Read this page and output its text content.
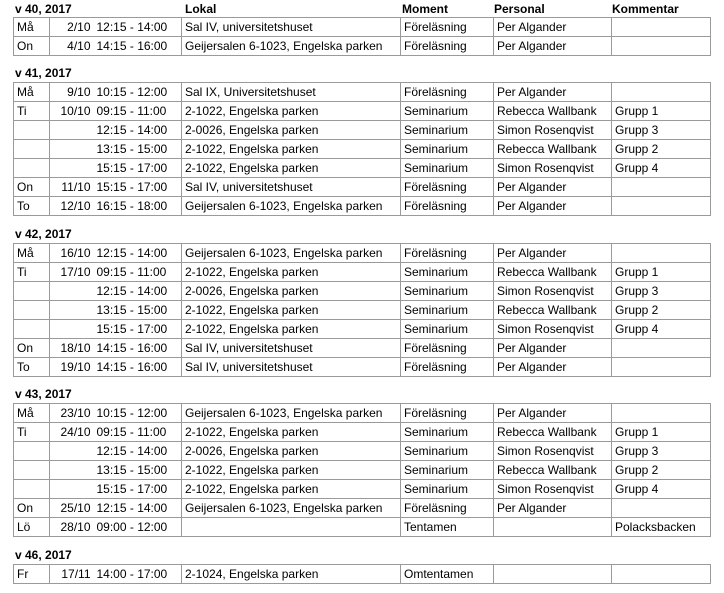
v 40, 2017	Lokal	Moment	Personal	Kommentar
Må	2/10	12:15 - 14:00	Sal IV, universitetshuset	Föreläsning	Per Algander	
On	4/10	14:15 - 16:00	Geijersalen 6-1023, Engelska parken	Föreläsning	Per Algander	
v 41, 2017
Må	9/10	10:15 - 12:00	Sal IX, Universitetshuset	Föreläsning	Per Algander	
Ti	10/10	09:15 - 11:00	2-1022, Engelska parken	Seminarium	Rebecca Wallbank	Grupp 1
		12:15 - 14:00	2-0026, Engelska parken	Seminarium	Simon Rosenqvist	Grupp 3
		13:15 - 15:00	2-1022, Engelska parken	Seminarium	Rebecca Wallbank	Grupp 2
		15:15 - 17:00	2-1022, Engelska parken	Seminarium	Simon Rosenqvist	Grupp 4
On	11/10	15:15 - 17:00	Sal IV, universitetshuset	Föreläsning	Per Algander	
To	12/10	16:15 - 18:00	Geijersalen 6-1023, Engelska parken	Föreläsning	Per Algander	
v 42, 2017
Må	16/10	12:15 - 14:00	Geijersalen 6-1023, Engelska parken	Föreläsning	Per Algander	
Ti	17/10	09:15 - 11:00	2-1022, Engelska parken	Seminarium	Rebecca Wallbank	Grupp 1
		12:15 - 14:00	2-0026, Engelska parken	Seminarium	Simon Rosenqvist	Grupp 3
		13:15 - 15:00	2-1022, Engelska parken	Seminarium	Rebecca Wallbank	Grupp 2
		15:15 - 17:00	2-1022, Engelska parken	Seminarium	Simon Rosenqvist	Grupp 4
On	18/10	14:15 - 16:00	Sal IV, universitetshuset	Föreläsning	Per Algander	
To	19/10	14:15 - 16:00	Sal IV, universitetshuset	Föreläsning	Per Algander	
v 43, 2017
Må	23/10	10:15 - 12:00	Geijersalen 6-1023, Engelska parken	Föreläsning	Per Algander	
Ti	24/10	09:15 - 11:00	2-1022, Engelska parken	Seminarium	Rebecca Wallbank	Grupp 1
		12:15 - 14:00	2-0026, Engelska parken	Seminarium	Simon Rosenqvist	Grupp 3
		13:15 - 15:00	2-1022, Engelska parken	Seminarium	Rebecca Wallbank	Grupp 2
		15:15 - 17:00	2-1022, Engelska parken	Seminarium	Simon Rosenqvist	Grupp 4
On	25/10	12:15 - 14:00	Geijersalen 6-1023, Engelska parken	Föreläsning	Per Algander	
Lö	28/10	09:00 - 12:00		Tentamen		Polacksbacken
v 46, 2017
Fr	17/11	14:00 - 17:00	2-1024, Engelska parken	Omtentamen		
